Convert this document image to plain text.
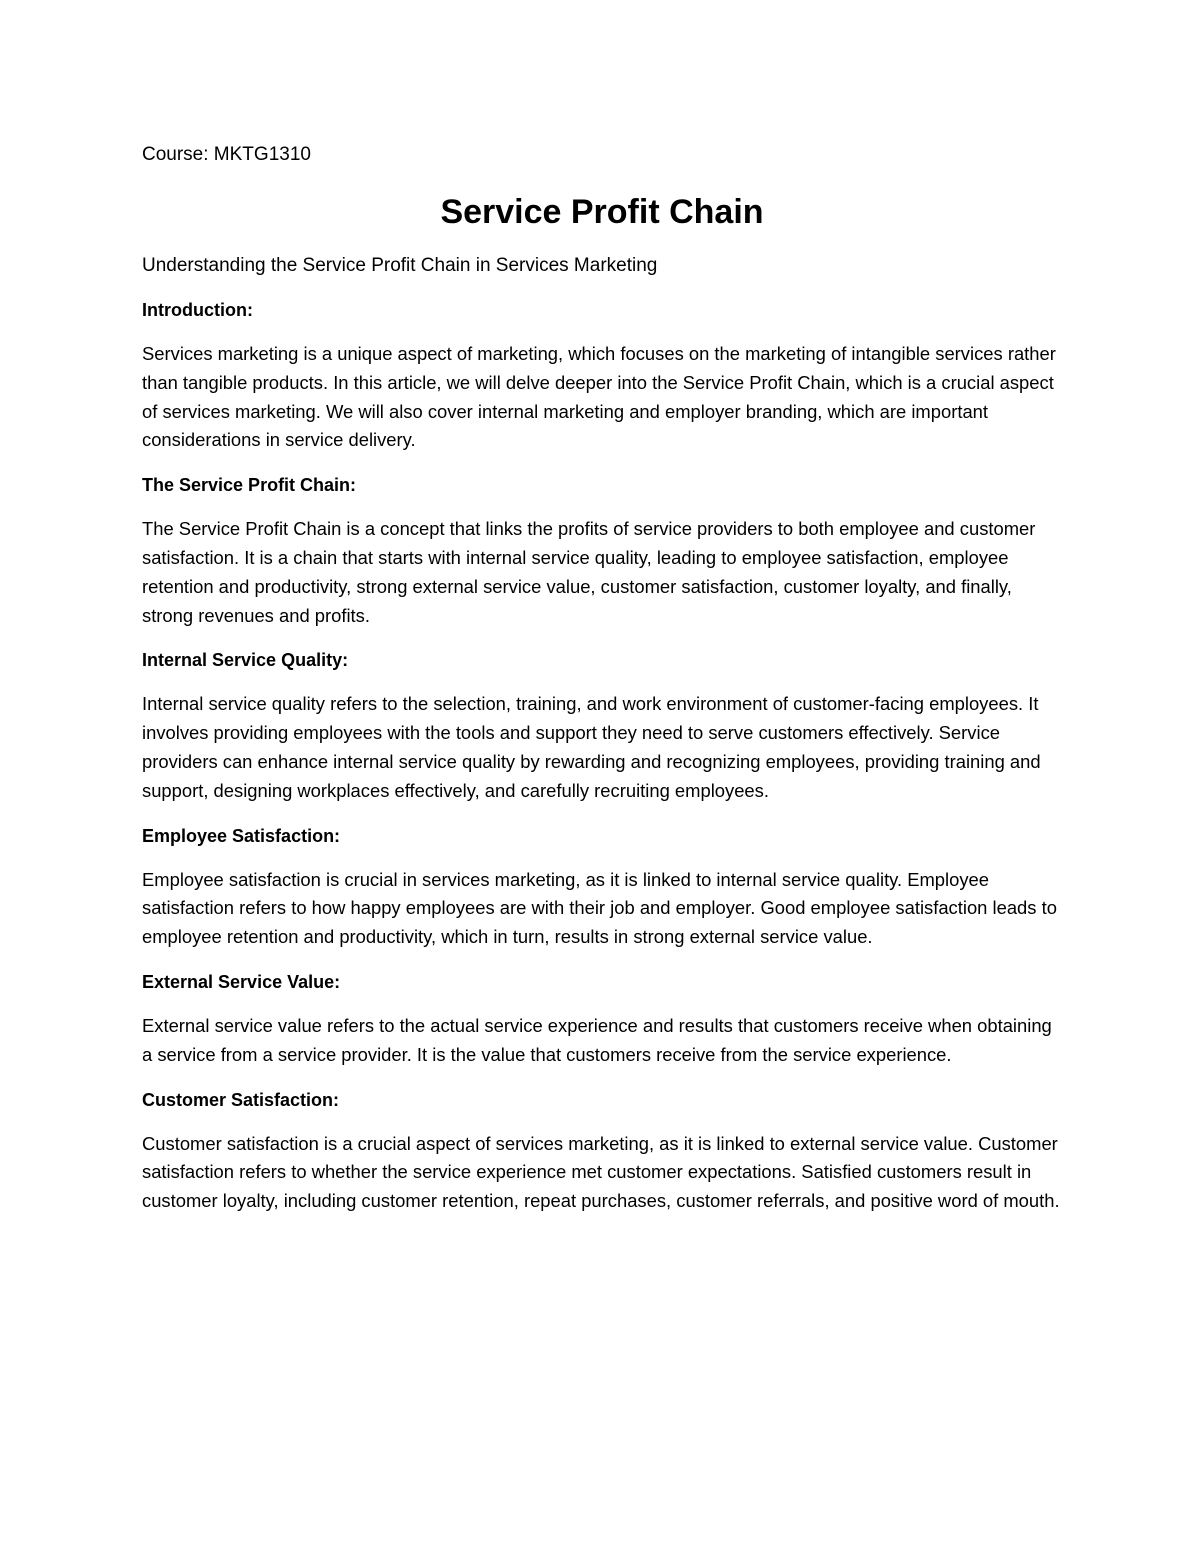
Course: MKTG1310

Service Profit Chain

Understanding the Service Profit Chain in Services Marketing

Introduction:

Services marketing is a unique aspect of marketing, which focuses on the marketing of intangible services rather than tangible products. In this article, we will delve deeper into the Service Profit Chain, which is a crucial aspect of services marketing. We will also cover internal marketing and employer branding, which are important considerations in service delivery.

The Service Profit Chain:

The Service Profit Chain is a concept that links the profits of service providers to both employee and customer satisfaction. It is a chain that starts with internal service quality, leading to employee satisfaction, employee retention and productivity, strong external service value, customer satisfaction, customer loyalty, and finally, strong revenues and profits.

Internal Service Quality:

Internal service quality refers to the selection, training, and work environment of customer-facing employees. It involves providing employees with the tools and support they need to serve customers effectively. Service providers can enhance internal service quality by rewarding and recognizing employees, providing training and support, designing workplaces effectively, and carefully recruiting employees.

Employee Satisfaction:

Employee satisfaction is crucial in services marketing, as it is linked to internal service quality. Employee satisfaction refers to how happy employees are with their job and employer. Good employee satisfaction leads to employee retention and productivity, which in turn, results in strong external service value.

External Service Value:

External service value refers to the actual service experience and results that customers receive when obtaining a service from a service provider. It is the value that customers receive from the service experience.

Customer Satisfaction:

Customer satisfaction is a crucial aspect of services marketing, as it is linked to external service value. Customer satisfaction refers to whether the service experience met customer expectations. Satisfied customers result in customer loyalty, including customer retention, repeat purchases, customer referrals, and positive word of mouth.
